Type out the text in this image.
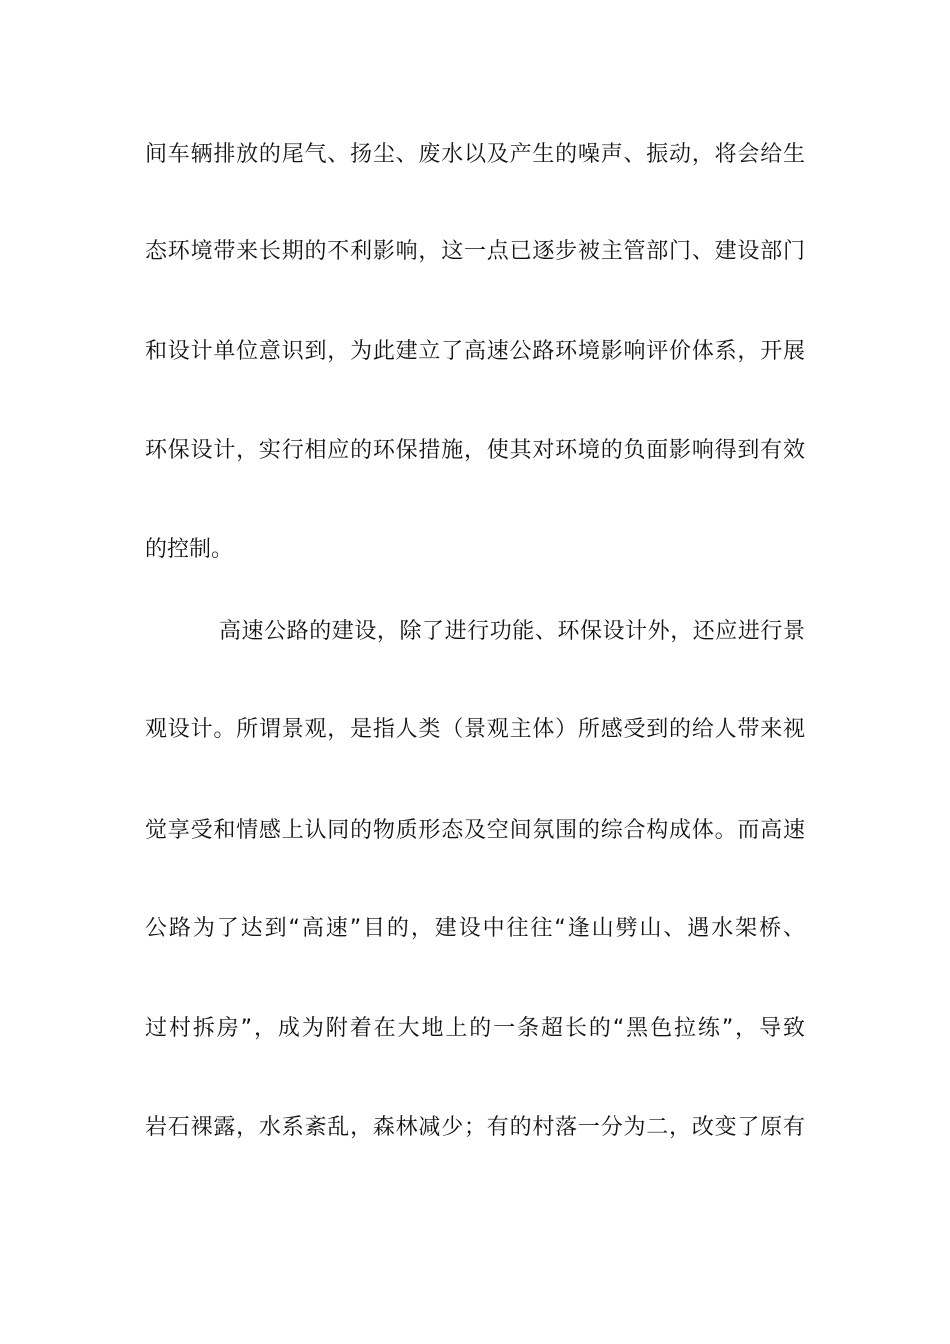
间车辆排放的尾气、扬尘、废水以及产生的噪声、振动，将会给生
态环境带来长期的不利影响，这一点已逐步被主管部门、建设部门
和设计单位意识到，为此建立了高速公路环境影响评价体系，开展
环保设计，实行相应的环保措施，使其对环境的负面影响得到有效
的控制。
高速公路的建设，除了进行功能、环保设计外，还应进行景
观设计。所谓景观，是指人类（景观主体）所感受到的给人带来视
觉享受和情感上认同的物质形态及空间氛围的综合构成体。而高速
公路为了达到“高速”目的，建设中往往“逢山劈山、遇水架桥、
过村拆房”，成为附着在大地上的一条超长的“黑色拉练”，导致
岩石裸露，水系紊乱，森林减少；有的村落一分为二，改变了原有
